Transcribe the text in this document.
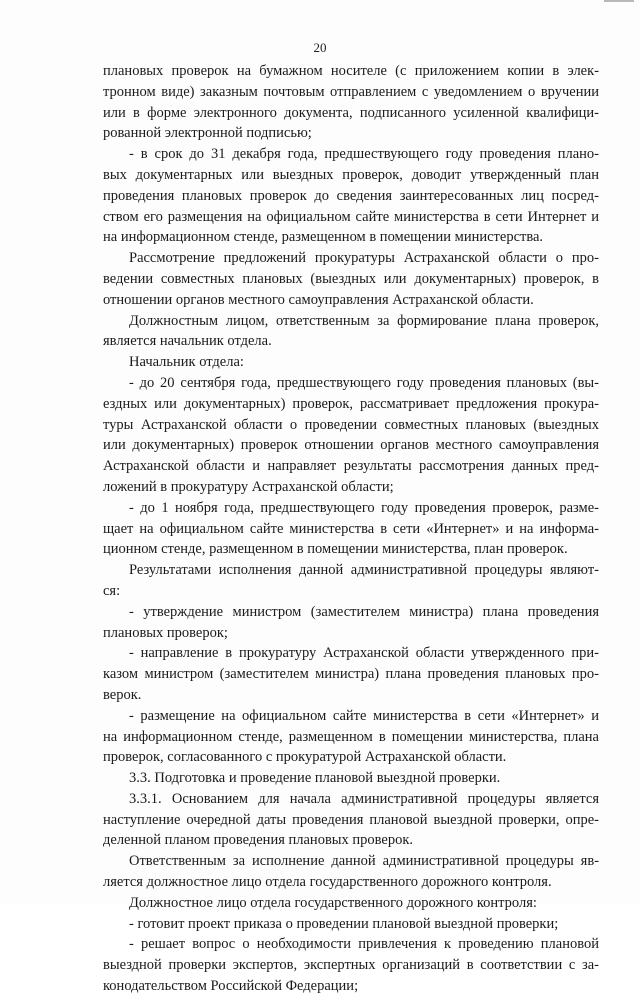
20
плановых проверок на бумажном носителе (с приложением копии в элек-
тронном виде) заказным почтовым отправлением с уведомлением о вручении
или в форме электронного документа, подписанного усиленной квалифици-
рованной электронной подписью;
- в срок до 31 декабря года, предшествующего году проведения плано-
вых документарных или выездных проверок, доводит утвержденный план
проведения плановых проверок до сведения заинтересованных лиц посред-
ством его размещения на официальном сайте министерства в сети Интернет и
на информационном стенде, размещенном в помещении министерства.
Рассмотрение предложений прокуратуры Астраханской области о про-
ведении совместных плановых (выездных или документарных) проверок, в
отношении органов местного самоуправления Астраханской области.
Должностным лицом, ответственным за формирование плана проверок,
является начальник отдела.
Начальник отдела:
- до 20 сентября года, предшествующего году проведения плановых (вы-
ездных или документарных) проверок, рассматривает предложения прокура-
туры Астраханской области о проведении совместных плановых (выездных
или документарных) проверок отношении органов местного самоуправления
Астраханской области и направляет результаты рассмотрения данных пред-
ложений в прокуратуру Астраханской области;
- до 1 ноября года, предшествующего году проведения проверок, разме-
щает на официальном сайте министерства в сети «Интернет» и на информа-
ционном стенде, размещенном в помещении министерства, план проверок.
Результатами исполнения данной административной процедуры являют-
ся:
- утверждение министром (заместителем министра) плана проведения
плановых проверок;
- направление в прокуратуру Астраханской области утвержденного при-
казом министром (заместителем министра) плана проведения плановых про-
верок.
- размещение на официальном сайте министерства в сети «Интернет» и
на информационном стенде, размещенном в помещении министерства, плана
проверок, согласованного с прокуратурой Астраханской области.
3.3. Подготовка и проведение плановой выездной проверки.
3.3.1. Основанием для начала административной процедуры является
наступление очередной даты проведения плановой выездной проверки, опре-
деленной планом проведения плановых проверок.
Ответственным за исполнение данной административной процедуры яв-
ляется должностное лицо отдела государственного дорожного контроля.
Должностное лицо отдела государственного дорожного контроля:
- готовит проект приказа о проведении плановой выездной проверки;
- решает вопрос о необходимости привлечения к проведению плановой
выездной проверки экспертов, экспертных организаций в соответствии с за-
конодательством Российской Федерации;
